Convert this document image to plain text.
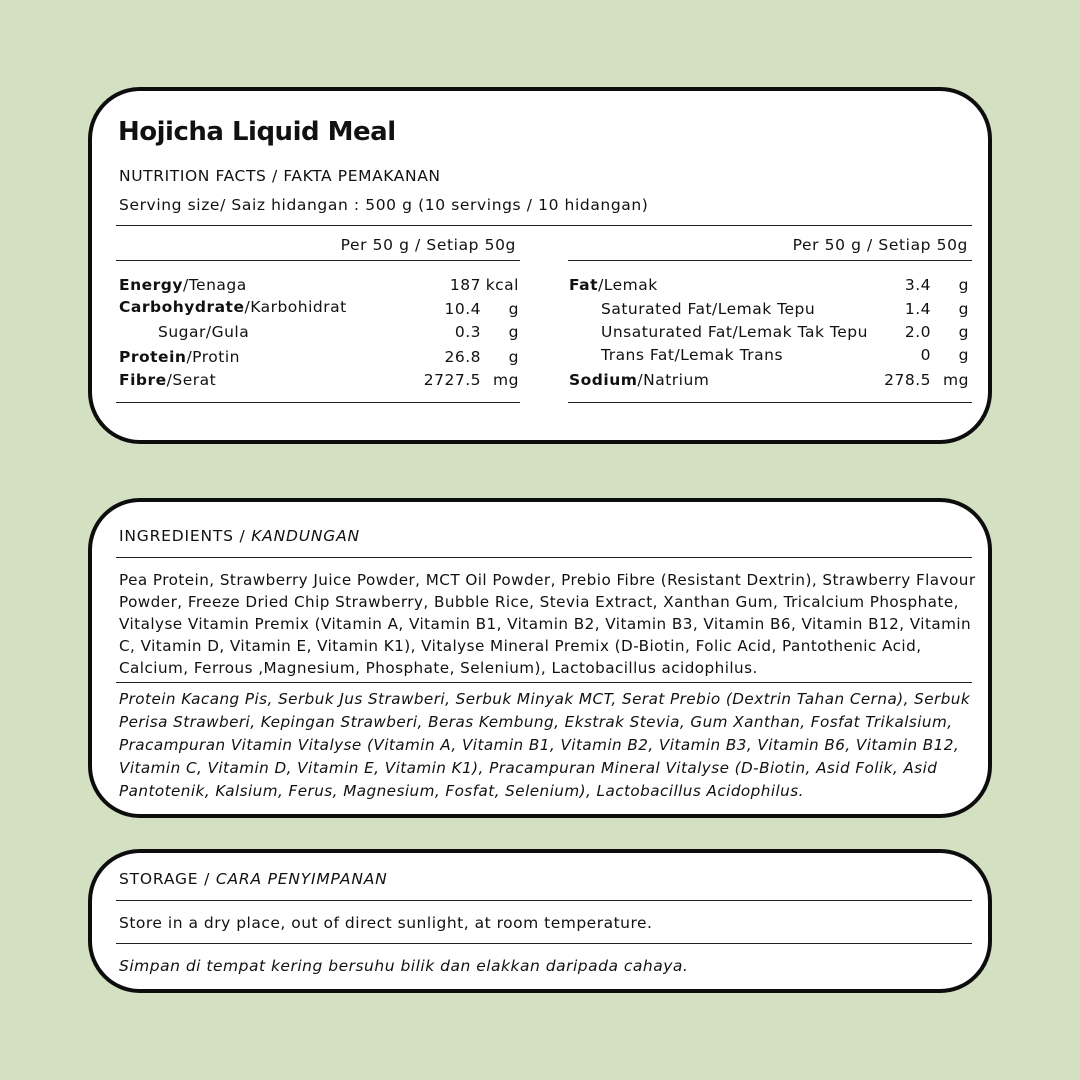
Hojicha Liquid Meal
NUTRITION FACTS / FAKTA PEMAKANAN
Serving size/ Saiz hidangan : 500 g (10 servings / 10 hidangan)
Per 50 g / Setiap 50g	Per 50 g / Setiap 50g
Energy/Tenaga	187 kcal
Carbohydrate/Karbohidrat	10.4 g
Sugar/Gula	0.3 g
Protein/Protin	26.8 g
Fibre/Serat	2727.5 mg
Fat/Lemak	3.4 g
Saturated Fat/Lemak Tepu	1.4 g
Unsaturated Fat/Lemak Tak Tepu 2.0 g
Trans Fat/Lemak Trans	0 g
Sodium/Natrium	278.5 mg
INGREDIENTS / KANDUNGAN
Pea Protein, Strawberry Juice Powder, MCT Oil Powder, Prebio Fibre (Resistant Dextrin), Strawberry Flavour Powder, Freeze Dried Chip Strawberry, Bubble Rice, Stevia Extract, Xanthan Gum, Tricalcium Phosphate, Vitalyse Vitamin Premix (Vitamin A, Vitamin B1, Vitamin B2, Vitamin B3, Vitamin B6, Vitamin B12, Vitamin C, Vitamin D, Vitamin E, Vitamin K1), Vitalyse Mineral Premix (D-Biotin, Folic Acid, Pantothenic Acid, Calcium, Ferrous ,Magnesium, Phosphate, Selenium), Lactobacillus acidophilus.
Protein Kacang Pis, Serbuk Jus Strawberi, Serbuk Minyak MCT, Serat Prebio (Dextrin Tahan Cerna), Serbuk Perisa Strawberi, Kepingan Strawberi, Beras Kembung, Ekstrak Stevia, Gum Xanthan, Fosfat Trikalsium, Pracampuran Vitamin Vitalyse (Vitamin A, Vitamin B1, Vitamin B2, Vitamin B3, Vitamin B6, Vitamin B12, Vitamin C, Vitamin D, Vitamin E, Vitamin K1), Pracampuran Mineral Vitalyse (D-Biotin, Asid Folik, Asid Pantotenik, Kalsium, Ferus, Magnesium, Fosfat, Selenium), Lactobacillus Acidophilus.
STORAGE / CARA PENYIMPANAN
Store in a dry place, out of direct sunlight, at room temperature.
Simpan di tempat kering bersuhu bilik dan elakkan daripada cahaya.
